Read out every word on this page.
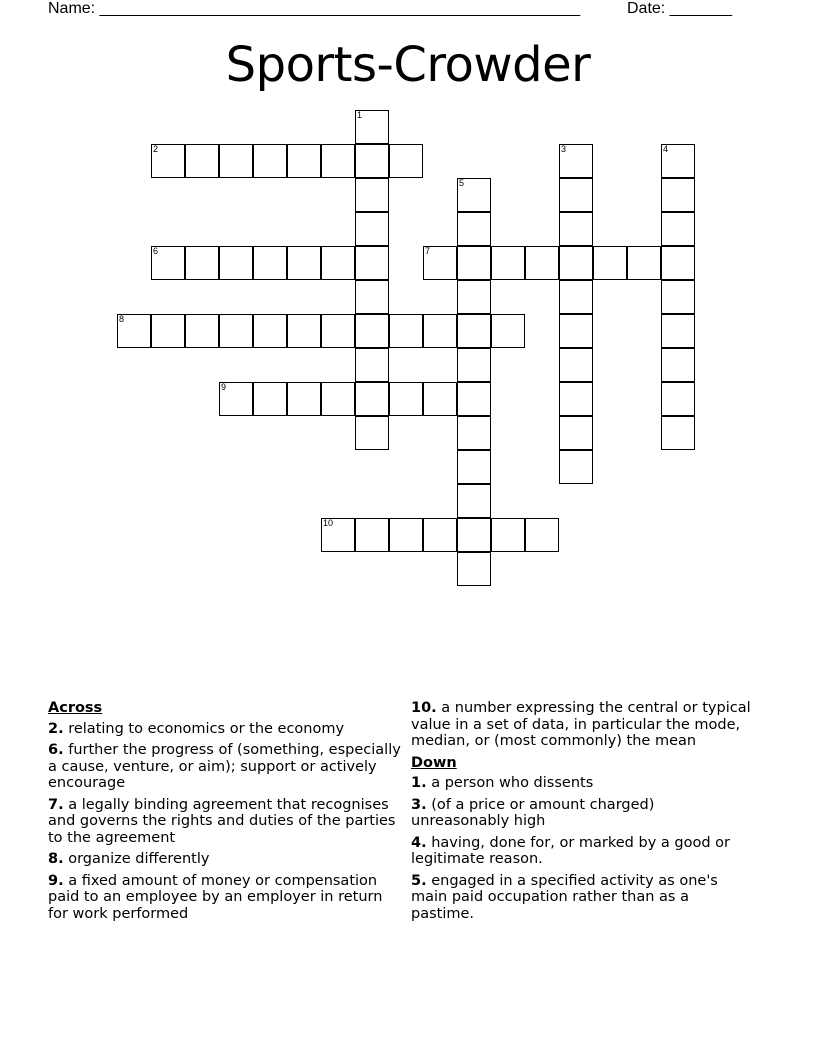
Name: ______________________________________________________	Date: _______
Sports-Crowder
1
2	3	4
5
6	7
8
9
10
Across
2. relating to economics or the economy
6. further the progress of (something, especially a cause, venture, or aim); support or actively encourage
7. a legally binding agreement that recognises and governs the rights and duties of the parties to the agreement
8. organize differently
9. a fixed amount of money or compensation paid to an employee by an employer in return for work performed
10. a number expressing the central or typical value in a set of data, in particular the mode, median, or (most commonly) the mean
Down
1. a person who dissents
3. (of a price or amount charged) unreasonably high
4. having, done for, or marked by a good or legitimate reason.
5. engaged in a specified activity as one's main paid occupation rather than as a pastime.
